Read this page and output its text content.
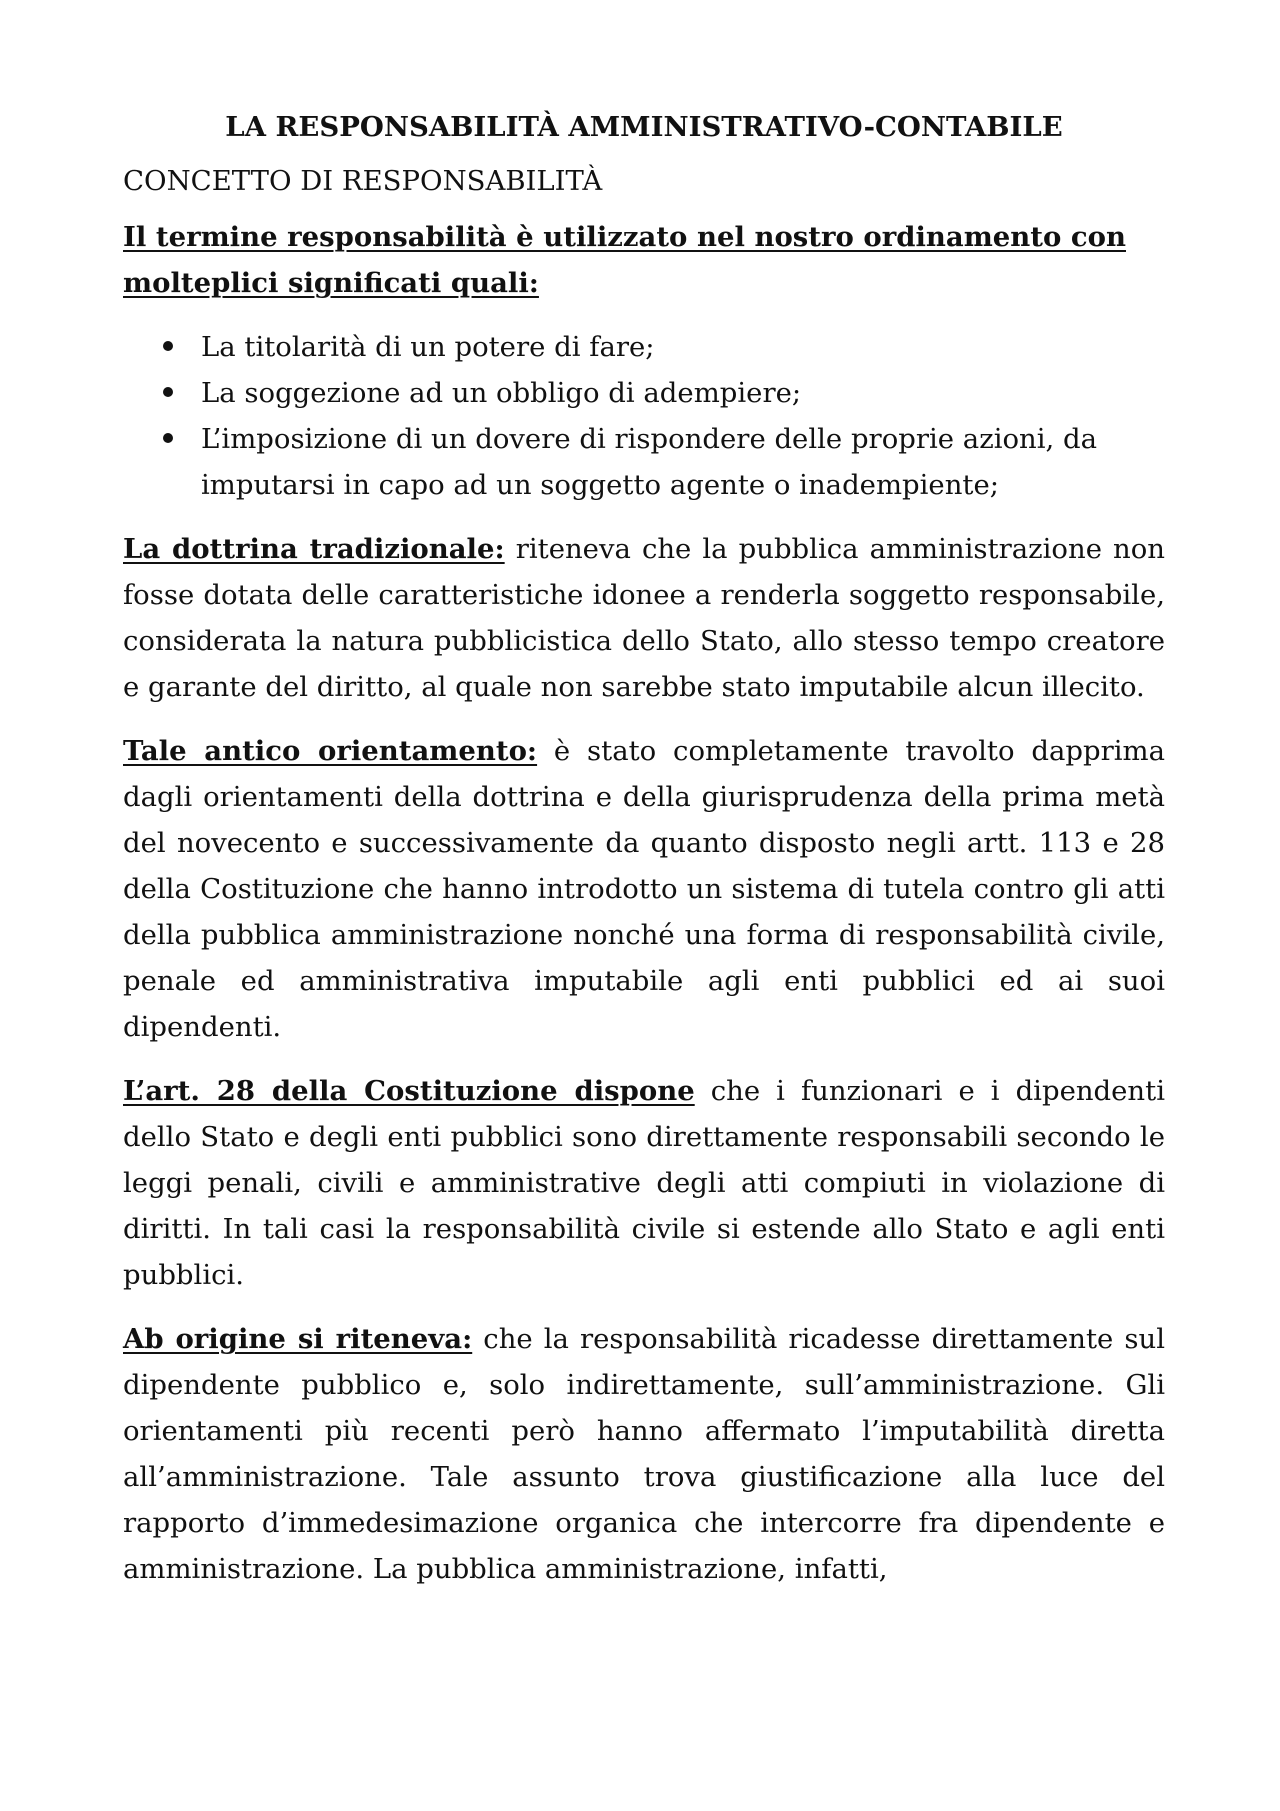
LA RESPONSABILITÀ AMMINISTRATIVO-CONTABILE
CONCETTO DI RESPONSABILITÀ

Il termine responsabilità è utilizzato nel nostro ordinamento con molteplici significati quali:

La titolarità di un potere di fare;
La soggezione ad un obbligo di adempiere;
L’imposizione di un dovere di rispondere delle proprie azioni, da imputarsi in capo ad un soggetto agente o inadempiente;

La dottrina tradizionale: riteneva che la pubblica amministrazione non fosse dotata delle caratteristiche idonee a renderla soggetto responsabile, considerata la natura pubblicistica dello Stato, allo stesso tempo creatore e garante del diritto, al quale non sarebbe stato imputabile alcun illecito.

Tale antico orientamento: è stato completamente travolto dapprima dagli orientamenti della dottrina e della giurisprudenza della prima metà del novecento e successivamente da quanto disposto negli artt. 113 e 28 della Costituzione che hanno introdotto un sistema di tutela contro gli atti della pubblica amministrazione nonché una forma di responsabilità civile, penale ed amministrativa imputabile agli enti pubblici ed ai suoi dipendenti.

L’art. 28 della Costituzione dispone che i funzionari e i dipendenti dello Stato e degli enti pubblici sono direttamente responsabili secondo le leggi penali, civili e amministrative degli atti compiuti in violazione di diritti. In tali casi la responsabilità civile si estende allo Stato e agli enti pubblici.

Ab origine si riteneva: che la responsabilità ricadesse direttamente sul dipendente pubblico e, solo indirettamente, sull’amministrazione. Gli orientamenti più recenti però hanno affermato l’imputabilità diretta all’amministrazione. Tale assunto trova giustificazione alla luce del rapporto d’immedesimazione organica che intercorre fra dipendente e amministrazione. La pubblica amministrazione, infatti,
